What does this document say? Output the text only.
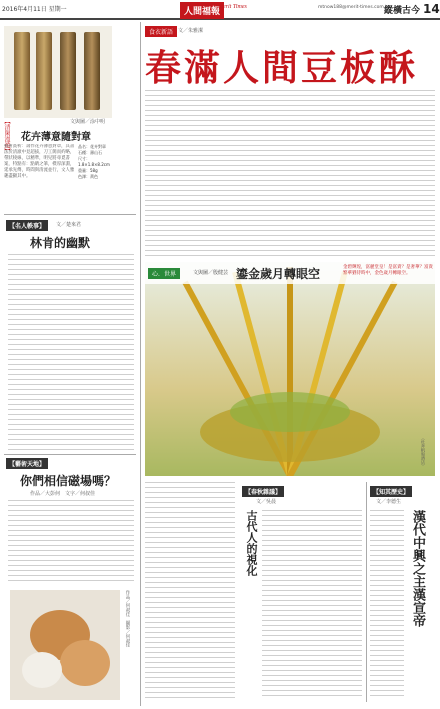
2016年4月11日 星期一	人間福報
Merit Times	mtnow188@merit-times.com.tw
縱橫古今 14
【清閑漫遊】	文與圖／涂中明
花卉薄意隨對章
藝術賞析：壽作花卉薄意對章，其書法於清澈中見超拔，刀工簡而約略，帶狀稜線，以精準，明兒將尋覓書案，特點有：點睛之筆，樸厚深淵，延承先傅，時間與清流並行，文人雅趣盡顯其中。
品名：花卉對章
石種：壽山石
尺寸：1.8×1.8×8.2cm
重量：58g
色澤：黃色
【名人軼事】	文／楚來君
林肯的幽默
【藝術天地】
你們相信磁場嗎？
作品／大彭何　文字／何叔佳
作品／何叔佳　攝影／何叔佳
食衣新語 文／朱雅潔
春滿人間豆板酥
心．世界	文與圖／殷健芸 鎏金歲月轉眼空	金碧輝煌，富麗堂皇！是富貴？是奢華？富貴繁華猶待時中，金色歲月轉眼空。
（杜拜帆船酒店）
【春秋雜議】
文／吳晨
古代人的視化
【知其歷史】
文／李德生
漢代中興之主漢宣帝
